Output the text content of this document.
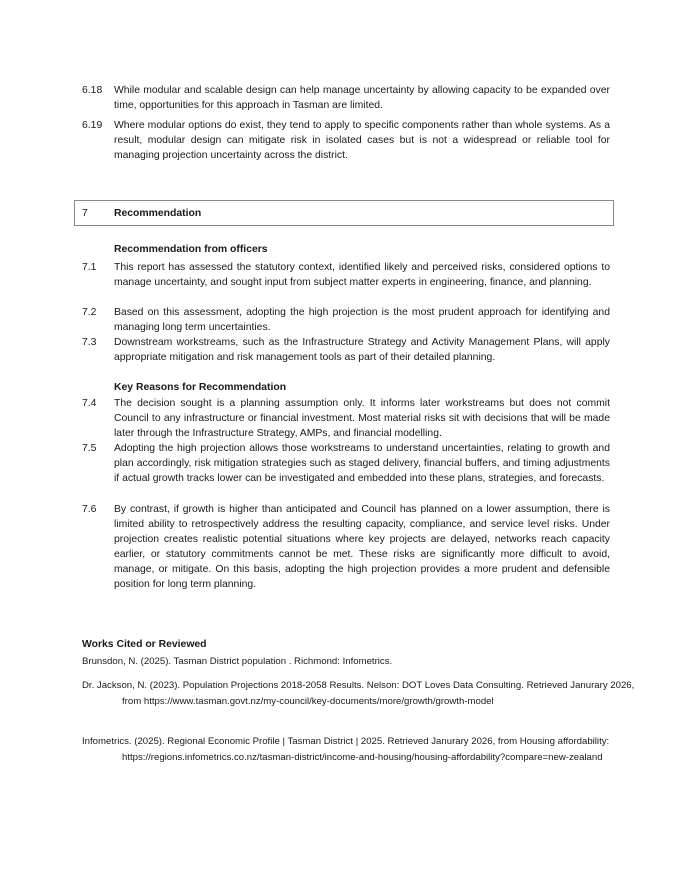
6.18	While modular and scalable design can help manage uncertainty by allowing capacity to be expanded over time, opportunities for this approach in Tasman are limited.
6.19	Where modular options do exist, they tend to apply to specific components rather than whole systems. As a result, modular design can mitigate risk in isolated cases but is not a widespread or reliable tool for managing projection uncertainty across the district.
7	Recommendation
Recommendation from officers
7.1	This report has assessed the statutory context, identified likely and perceived risks, considered options to manage uncertainty, and sought input from subject matter experts in engineering, finance, and planning.
7.2	Based on this assessment, adopting the high projection is the most prudent approach for identifying and managing long term uncertainties.
7.3	Downstream workstreams, such as the Infrastructure Strategy and Activity Management Plans, will apply appropriate mitigation and risk management tools as part of their detailed planning.
Key Reasons for Recommendation
7.4	The decision sought is a planning assumption only. It informs later workstreams but does not commit Council to any infrastructure or financial investment. Most material risks sit with decisions that will be made later through the Infrastructure Strategy, AMPs, and financial modelling.
7.5	Adopting the high projection allows those workstreams to understand uncertainties, relating to growth and plan accordingly, risk mitigation strategies such as staged delivery, financial buffers, and timing adjustments if actual growth tracks lower can be investigated and embedded into these plans, strategies, and forecasts.
7.6	By contrast, if growth is higher than anticipated and Council has planned on a lower assumption, there is limited ability to retrospectively address the resulting capacity, compliance, and service level risks. Under projection creates realistic potential situations where key projects are delayed, networks reach capacity earlier, or statutory commitments cannot be met. These risks are significantly more difficult to avoid, manage, or mitigate. On this basis, adopting the high projection provides a more prudent and defensible position for long term planning.
Works Cited or Reviewed
Brunsdon, N. (2025). Tasman District population . Richmond: Infometrics.
Dr. Jackson, N. (2023). Population Projections 2018-2058 Results. Nelson: DOT Loves Data Consulting. Retrieved Janurary 2026, from https://www.tasman.govt.nz/my-council/key-documents/more/growth/growth-model
Infometrics. (2025). Regional Economic Profile | Tasman District | 2025. Retrieved Janurary 2026, from Housing affordability: https://regions.infometrics.co.nz/tasman-district/income-and-housing/housing-affordability?compare=new-zealand
